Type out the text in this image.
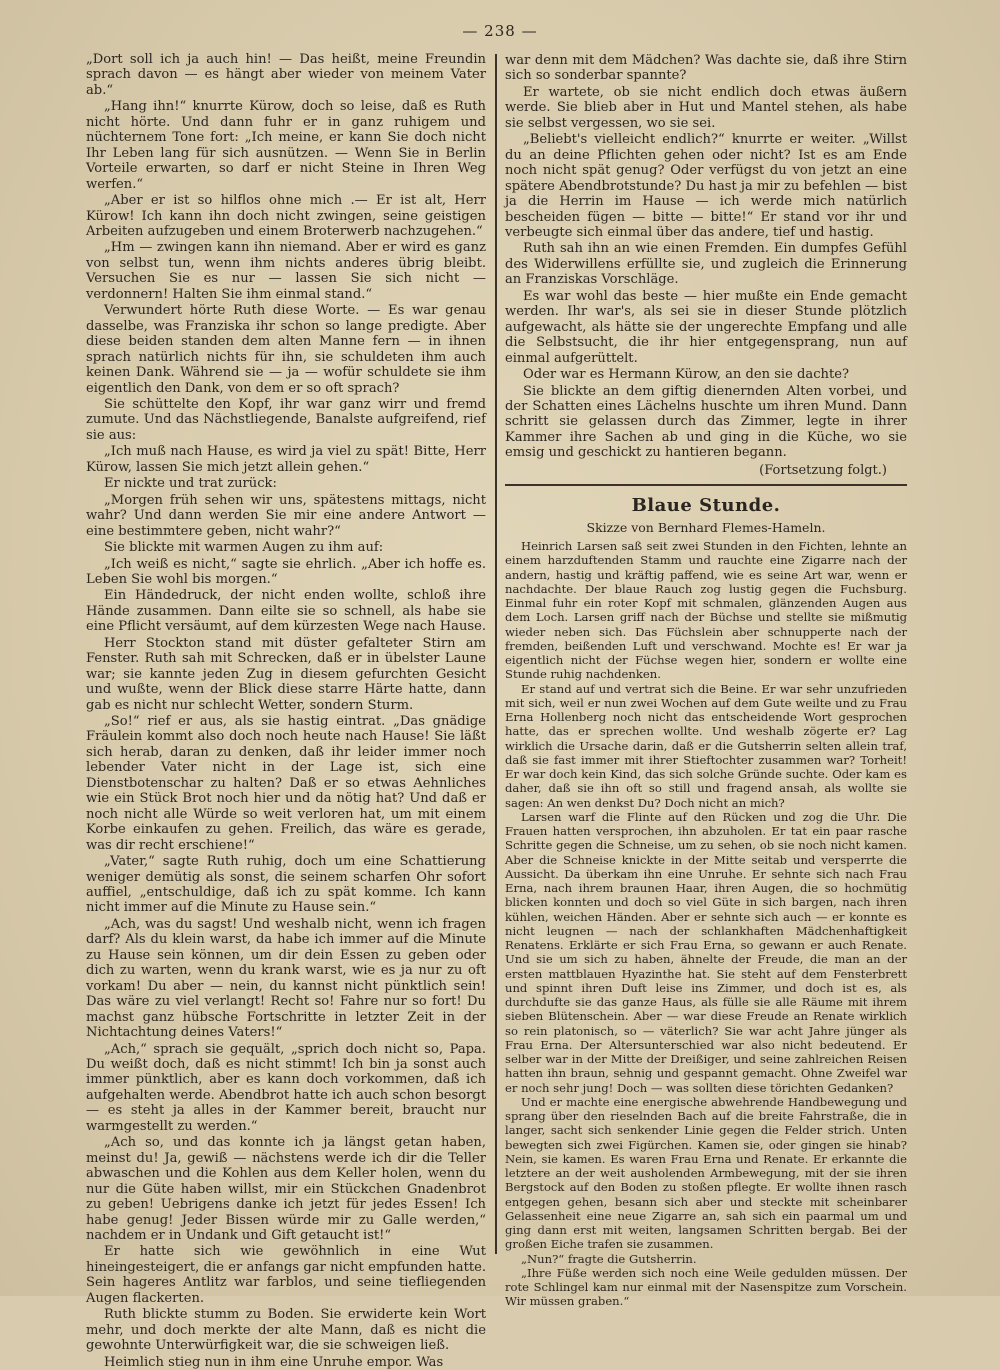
— 238 —

„Dort soll ich ja auch hin! — Das heißt, meine Freundin sprach davon — es hängt aber wieder von meinem Vater ab.“

„Hang ihn!“ knurrte Kürow, doch so leise, daß es Ruth nicht hörte. Und dann fuhr er in ganz ruhigem und nüchternem Tone fort: „Ich meine, er kann Sie doch nicht Ihr Leben lang für sich ausnützen. — Wenn Sie in Berlin Vorteile erwarten, so darf er nicht Steine in Ihren Weg werfen.“

„Aber er ist so hilflos ohne mich .— Er ist alt, Herr Kürow! Ich kann ihn doch nicht zwingen, seine geistigen Arbeiten aufzugeben und einem Broterwerb nachzugehen.“

„Hm — zwingen kann ihn niemand. Aber er wird es ganz von selbst tun, wenn ihm nichts anderes übrig bleibt. Versuchen Sie es nur — lassen Sie sich nicht — verdonnern! Halten Sie ihm einmal stand.“

Verwundert hörte Ruth diese Worte. — Es war genau dasselbe, was Franziska ihr schon so lange predigte. Aber diese beiden standen dem alten Manne fern — in ihnen sprach natürlich nichts für ihn, sie schuldeten ihm auch keinen Dank. Während sie — ja — wofür schuldete sie ihm eigentlich den Dank, von dem er so oft sprach?

Sie schüttelte den Kopf, ihr war ganz wirr und fremd zumute. Und das Nächstliegende, Banalste aufgreifend, rief sie aus:

„Ich muß nach Hause, es wird ja viel zu spät! Bitte, Herr Kürow, lassen Sie mich jetzt allein gehen.“

Er nickte und trat zurück:

„Morgen früh sehen wir uns, spätestens mittags, nicht wahr? Und dann werden Sie mir eine andere Antwort — eine bestimmtere geben, nicht wahr?“

Sie blickte mit warmen Augen zu ihm auf:

„Ich weiß es nicht,“ sagte sie ehrlich. „Aber ich hoffe es. Leben Sie wohl bis morgen.“

Ein Händedruck, der nicht enden wollte, schloß ihre Hände zusammen. Dann eilte sie so schnell, als habe sie eine Pflicht versäumt, auf dem kürzesten Wege nach Hause.

Herr Stockton stand mit düster gefalteter Stirn am Fenster. Ruth sah mit Schrecken, daß er in übelster Laune war; sie kannte jeden Zug in diesem gefurchten Gesicht und wußte, wenn der Blick diese starre Härte hatte, dann gab es nicht nur schlecht Wetter, sondern Sturm.

„So!“ rief er aus, als sie hastig eintrat. „Das gnädige Fräulein kommt also doch noch heute nach Hause! Sie läßt sich herab, daran zu denken, daß ihr leider immer noch lebender Vater nicht in der Lage ist, sich eine Dienstbotenschar zu halten? Daß er so etwas Aehnliches wie ein Stück Brot noch hier und da nötig hat? Und daß er noch nicht alle Würde so weit verloren hat, um mit einem Korbe einkaufen zu gehen. Freilich, das wäre es gerade, was dir recht erschiene!“

„Vater,“ sagte Ruth ruhig, doch um eine Schattierung weniger demütig als sonst, die seinem scharfen Ohr sofort auffiel, „entschuldige, daß ich zu spät komme. Ich kann nicht immer auf die Minute zu Hause sein.“

„Ach, was du sagst! Und weshalb nicht, wenn ich fragen darf? Als du klein warst, da habe ich immer auf die Minute zu Hause sein können, um dir dein Essen zu geben oder dich zu warten, wenn du krank warst, wie es ja nur zu oft vorkam! Du aber — nein, du kannst nicht pünktlich sein! Das wäre zu viel verlangt! Recht so! Fahre nur so fort! Du machst ganz hübsche Fortschritte in letzter Zeit in der Nichtachtung deines Vaters!“

„Ach,“ sprach sie gequält, „sprich doch nicht so, Papa. Du weißt doch, daß es nicht stimmt! Ich bin ja sonst auch immer pünktlich, aber es kann doch vorkommen, daß ich aufgehalten werde. Abendbrot hatte ich auch schon besorgt — es steht ja alles in der Kammer bereit, braucht nur warmgestellt zu werden.“

„Ach so, und das konnte ich ja längst getan haben, meinst du! Ja, gewiß — nächstens werde ich dir die Teller abwaschen und die Kohlen aus dem Keller holen, wenn du nur die Güte haben willst, mir ein Stückchen Gnadenbrot zu geben! Uebrigens danke ich jetzt für jedes Essen! Ich habe genug! Jeder Bissen würde mir zu Galle werden,“ nachdem er in Undank und Gift getaucht ist!“

Er hatte sich wie gewöhnlich in eine Wut hineingesteigert, die er anfangs gar nicht empfunden hatte. Sein hageres Antlitz war farblos, und seine tiefliegenden Augen flackerten.

Ruth blickte stumm zu Boden. Sie erwiderte kein Wort mehr, und doch merkte der alte Mann, daß es nicht die gewohnte Unterwürfigkeit war, die sie schweigen ließ.

Heimlich stieg nun in ihm eine Unruhe empor. Was

war denn mit dem Mädchen? Was dachte sie, daß ihre Stirn sich so sonderbar spannte?

Er wartete, ob sie nicht endlich doch etwas äußern werde. Sie blieb aber in Hut und Mantel stehen, als habe sie selbst vergessen, wo sie sei.

„Beliebt's vielleicht endlich?“ knurrte er weiter. „Willst du an deine Pflichten gehen oder nicht? Ist es am Ende noch nicht spät genug? Oder verfügst du von jetzt an eine spätere Abendbrotstunde? Du hast ja mir zu befehlen — bist ja die Herrin im Hause — ich werde mich natürlich bescheiden fügen — bitte — bitte!“ Er stand vor ihr und verbeugte sich einmal über das andere, tief und hastig.

Ruth sah ihn an wie einen Fremden. Ein dumpfes Gefühl des Widerwillens erfüllte sie, und zugleich die Erinnerung an Franziskas Vorschläge.

Es war wohl das beste — hier mußte ein Ende gemacht werden. Ihr war's, als sei sie in dieser Stunde plötzlich aufgewacht, als hätte sie der ungerechte Empfang und alle die Selbstsucht, die ihr hier entgegensprang, nun auf einmal aufgerüttelt.

Oder war es Hermann Kürow, an den sie dachte?

Sie blickte an dem giftig dienernden Alten vorbei, und der Schatten eines Lächelns huschte um ihren Mund. Dann schritt sie gelassen durch das Zimmer, legte in ihrer Kammer ihre Sachen ab und ging in die Küche, wo sie emsig und geschickt zu hantieren begann.

(Fortsetzung folgt.)
Blaue Stunde.
Skizze von Bernhard Flemes-Hameln.

Heinrich Larsen saß seit zwei Stunden in den Fichten, lehnte an einem harzduftenden Stamm und rauchte eine Zigarre nach der andern, hastig und kräftig paffend, wie es seine Art war, wenn er nachdachte. Der blaue Rauch zog lustig gegen die Fuchsburg. Einmal fuhr ein roter Kopf mit schmalen, glänzenden Augen aus dem Loch. Larsen griff nach der Büchse und stellte sie mißmutig wieder neben sich. Das Füchslein aber schnupperte nach der fremden, beißenden Luft und verschwand. Mochte es! Er war ja eigentlich nicht der Füchse wegen hier, sondern er wollte eine Stunde ruhig nachdenken.

Er stand auf und vertrat sich die Beine. Er war sehr unzufrieden mit sich, weil er nun zwei Wochen auf dem Gute weilte und zu Frau Erna Hollenberg noch nicht das entscheidende Wort gesprochen hatte, das er sprechen wollte. Und weshalb zögerte er? Lag wirklich die Ursache darin, daß er die Gutsherrin selten allein traf, daß sie fast immer mit ihrer Stieftochter zusammen war? Torheit! Er war doch kein Kind, das sich solche Gründe suchte. Oder kam es daher, daß sie ihn oft so still und fragend ansah, als wollte sie sagen: An wen denkst Du? Doch nicht an mich?

Larsen warf die Flinte auf den Rücken und zog die Uhr. Die Frauen hatten versprochen, ihn abzuholen. Er tat ein paar rasche Schritte gegen die Schneise, um zu sehen, ob sie noch nicht kamen. Aber die Schneise knickte in der Mitte seitab und versperrte die Aussicht. Da überkam ihn eine Unruhe. Er sehnte sich nach Frau Erna, nach ihrem braunen Haar, ihren Augen, die so hochmütig blicken konnten und doch so viel Güte in sich bargen, nach ihren kühlen, weichen Händen. Aber er sehnte sich auch — er konnte es nicht leugnen — nach der schlankhaften Mädchenhaftigkeit Renatens. Erklärte er sich Frau Erna, so gewann er auch Renate. Und sie um sich zu haben, ähnelte der Freude, die man an der ersten mattblauen Hyazinthe hat. Sie steht auf dem Fensterbrett und spinnt ihren Duft leise ins Zimmer, und doch ist es, als durchdufte sie das ganze Haus, als fülle sie alle Räume mit ihrem sieben Blütenschein. Aber — war diese Freude an Renate wirklich so rein platonisch, so — väterlich? Sie war acht Jahre jünger als Frau Erna. Der Altersunterschied war also nicht bedeutend. Er selber war in der Mitte der Dreißiger, und seine zahlreichen Reisen hatten ihn braun, sehnig und gespannt gemacht. Ohne Zweifel war er noch sehr jung! Doch — was sollten diese törichten Gedanken?

Und er machte eine energische abwehrende Handbewegung und sprang über den rieselnden Bach auf die breite Fahrstraße, die in langer, sacht sich senkender Linie gegen die Felder strich. Unten bewegten sich zwei Figürchen. Kamen sie, oder gingen sie hinab? Nein, sie kamen. Es waren Frau Erna und Renate. Er erkannte die letztere an der weit ausholenden Armbewegung, mit der sie ihren Bergstock auf den Boden zu stoßen pflegte. Er wollte ihnen rasch entgegen gehen, besann sich aber und steckte mit scheinbarer Gelassenheit eine neue Zigarre an, sah sich ein paarmal um und ging dann erst mit weiten, langsamen Schritten bergab. Bei der großen Eiche trafen sie zusammen.

„Nun?“ fragte die Gutsherrin.

„Ihre Füße werden sich noch eine Weile gedulden müssen. Der rote Schlingel kam nur einmal mit der Nasenspitze zum Vorschein. Wir müssen graben.“
